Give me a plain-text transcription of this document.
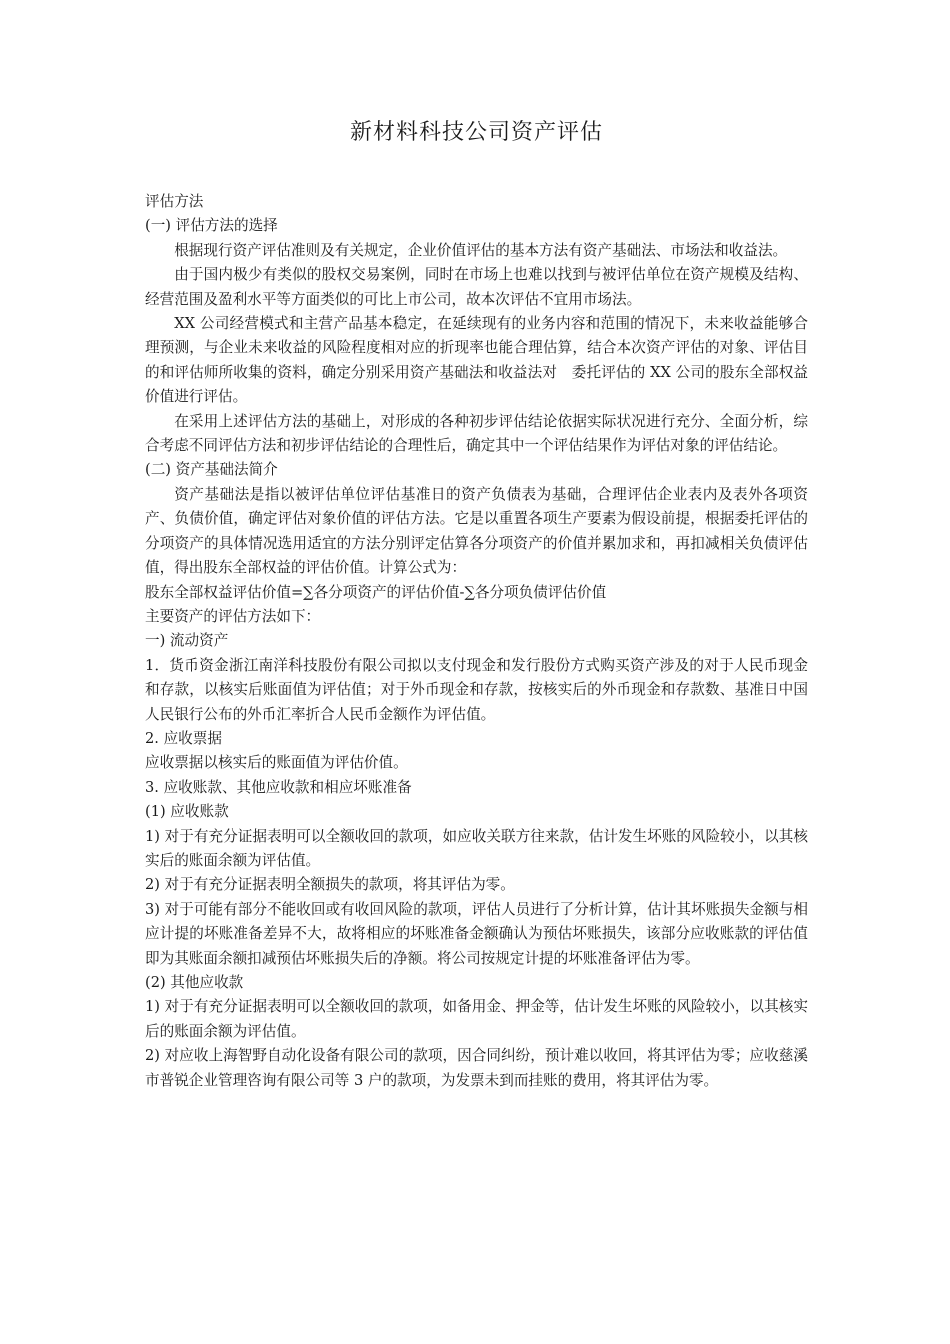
新材料科技公司资产评估

评估方法

(一) 评估方法的选择

根据现行资产评估准则及有关规定，企业价值评估的基本方法有资产基础法、市场法和收益法。

由于国内极少有类似的股权交易案例，同时在市场上也难以找到与被评估单位在资产规模及结构、经营范围及盈利水平等方面类似的可比上市公司，故本次评估不宜用市场法。

XX 公司经营模式和主营产品基本稳定，在延续现有的业务内容和范围的情况下，未来收益能够合理预测，与企业未来收益的风险程度相对应的折现率也能合理估算，结合本次资产评估的对象、评估目的和评估师所收集的资料，确定分别采用资产基础法和收益法对　委托评估的 XX 公司的股东全部权益价值进行评估。

在采用上述评估方法的基础上，对形成的各种初步评估结论依据实际状况进行充分、全面分析，综合考虑不同评估方法和初步评估结论的合理性后，确定其中一个评估结果作为评估对象的评估结论。

(二) 资产基础法简介

资产基础法是指以被评估单位评估基准日的资产负债表为基础，合理评估企业表内及表外各项资产、负债价值，确定评估对象价值的评估方法。它是以重置各项生产要素为假设前提，根据委托评估的分项资产的具体情况选用适宜的方法分别评定估算各分项资产的价值并累加求和，再扣减相关负债评估值，得出股东全部权益的评估价值。计算公式为：

股东全部权益评估价值=∑各分项资产的评估价值-∑各分项负债评估价值

主要资产的评估方法如下：

一) 流动资产

1．货币资金浙江南洋科技股份有限公司拟以支付现金和发行股份方式购买资产涉及的对于人民币现金和存款，以核实后账面值为评估值；对于外币现金和存款，按核实后的外币现金和存款数、基准日中国人民银行公布的外币汇率折合人民币金额作为评估值。

2. 应收票据

应收票据以核实后的账面值为评估价值。

3. 应收账款、其他应收款和相应坏账准备

(1) 应收账款

1) 对于有充分证据表明可以全额收回的款项，如应收关联方往来款，估计发生坏账的风险较小，以其核实后的账面余额为评估值。

2) 对于有充分证据表明全额损失的款项，将其评估为零。

3) 对于可能有部分不能收回或有收回风险的款项，评估人员进行了分析计算，估计其坏账损失金额与相应计提的坏账准备差异不大，故将相应的坏账准备金额确认为预估坏账损失，该部分应收账款的评估值即为其账面余额扣减预估坏账损失后的净额。将公司按规定计提的坏账准备评估为零。

(2) 其他应收款

1) 对于有充分证据表明可以全额收回的款项，如备用金、押金等，估计发生坏账的风险较小，以其核实后的账面余额为评估值。

2) 对应收上海智野自动化设备有限公司的款项，因合同纠纷，预计难以收回，将其评估为零；应收慈溪市普锐企业管理咨询有限公司等 3 户的款项，为发票未到而挂账的费用，将其评估为零。
